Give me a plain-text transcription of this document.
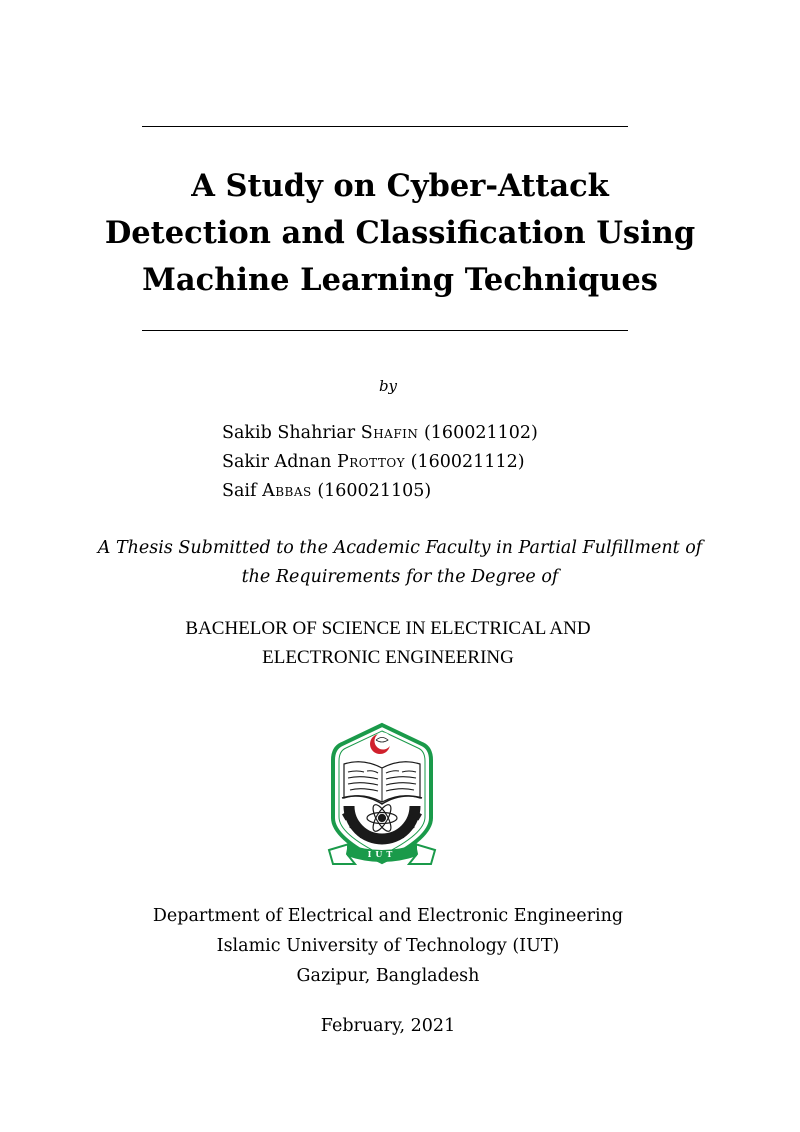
A Study on Cyber-Attack
Detection and Classification Using
Machine Learning Techniques
by
Sakib Shahriar Shafin (160021102)
Sakir Adnan Prottoy (160021112)
Saif Abbas (160021105)
A Thesis Submitted to the Academic Faculty in Partial Fulfillment of
the Requirements for the Degree of
BACHELOR OF SCIENCE IN ELECTRICAL AND
ELECTRONIC ENGINEERING
IUT
Department of Electrical and Electronic Engineering
Islamic University of Technology (IUT)
Gazipur, Bangladesh
February, 2021
